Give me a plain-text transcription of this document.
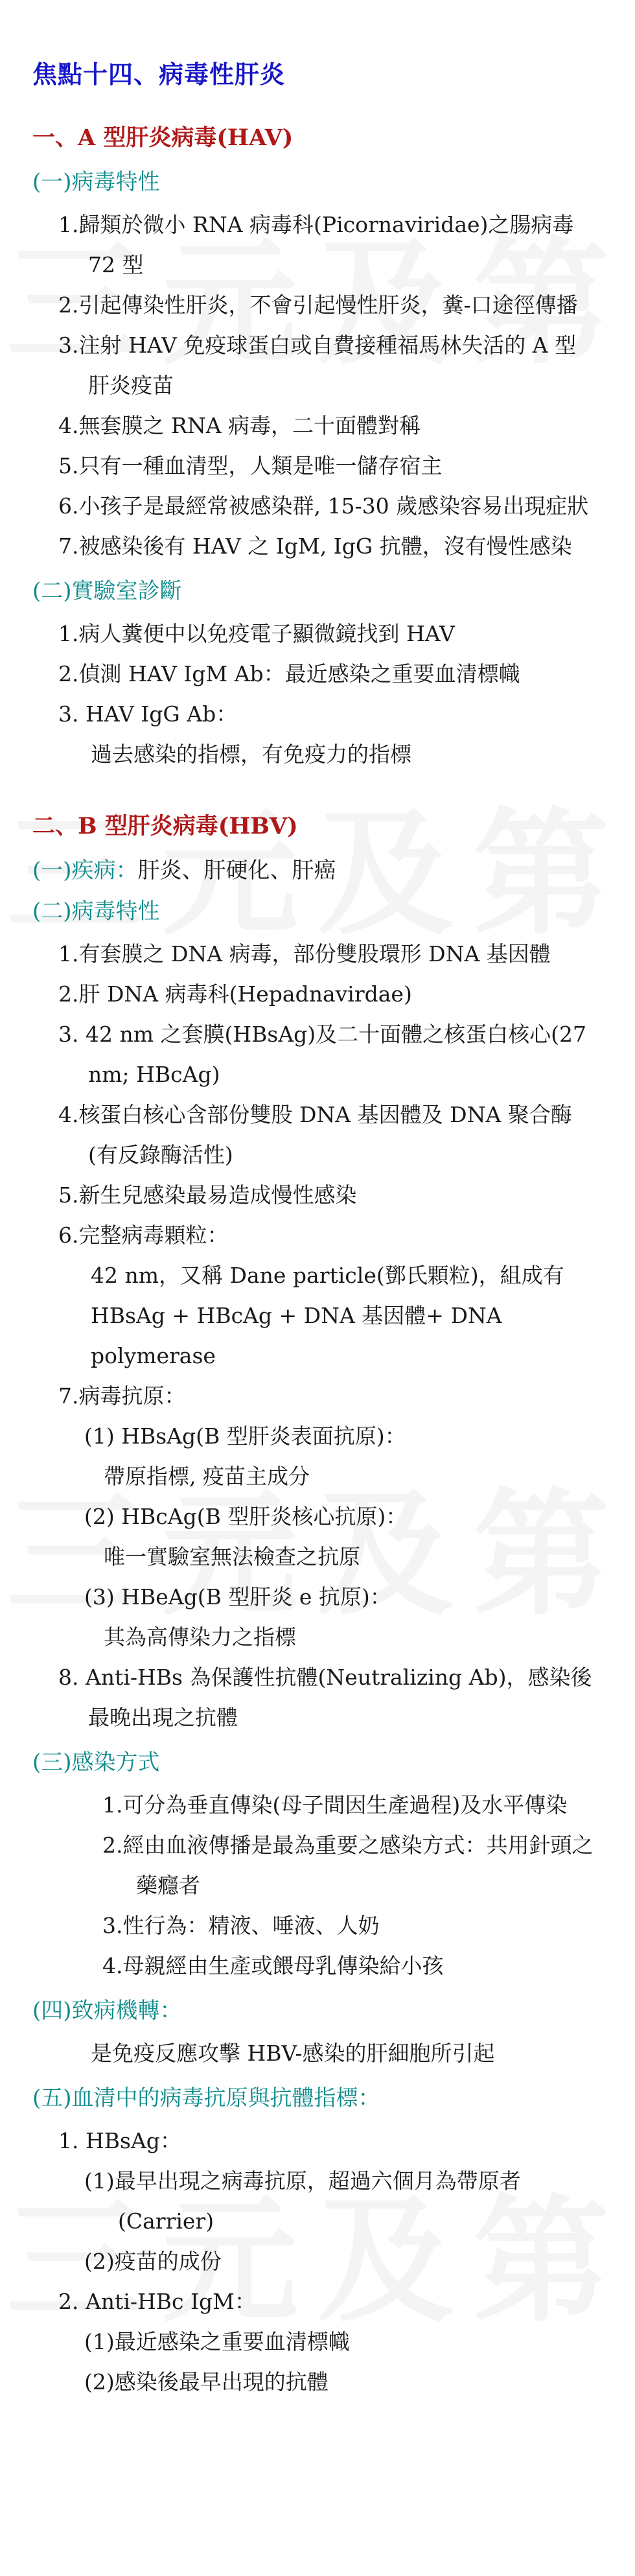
焦點十四、病毒性肝炎
一、A 型肝炎病毒(HAV)
(一)病毒特性

1.歸類於微小 RNA 病毒科(Picornaviridae)之腸病毒 72 型

2.引起傳染性肝炎，不會引起慢性肝炎，糞-口途徑傳播

3.注射 HAV 免疫球蛋白或自費接種福馬林失活的 A 型肝炎疫苗

4.無套膜之 RNA 病毒，二十面體對稱

5.只有一種血清型，人類是唯一儲存宿主

6.小孩子是最經常被感染群, 15-30 歲感染容易出現症狀

7.被感染後有 HAV 之 IgM, IgG 抗體，沒有慢性感染

(二)實驗室診斷

1.病人糞便中以免疫電子顯微鏡找到 HAV

2.偵測 HAV IgM Ab：最近感染之重要血清標幟

3. HAV IgG Ab：

過去感染的指標，有免疫力的指標

二、B 型肝炎病毒(HBV)
(一)疾病：肝炎、肝硬化、肝癌
(二)病毒特性

1.有套膜之 DNA 病毒，部份雙股環形 DNA 基因體

2.肝 DNA 病毒科(Hepadnavirdae)

3. 42 nm 之套膜(HBsAg)及二十面體之核蛋白核心(27 nm; HBcAg)

4.核蛋白核心含部份雙股 DNA 基因體及 DNA 聚合酶(有反錄酶活性)

5.新生兒感染最易造成慢性感染

6.完整病毒顆粒：

42 nm，又稱 Dane particle(鄧氏顆粒)，組成有 HBsAg + HBcAg + DNA 基因體+ DNA polymerase

7.病毒抗原：

(1) HBsAg(B 型肝炎表面抗原)：

帶原指標, 疫苗主成分

(2) HBcAg(B 型肝炎核心抗原)：

唯一實驗室無法檢查之抗原

(3) HBeAg(B 型肝炎 e 抗原)：

其為高傳染力之指標

8. Anti-HBs 為保護性抗體(Neutralizing Ab)，感染後最晚出現之抗體

(三)感染方式

1.可分為垂直傳染(母子間因生產過程)及水平傳染

2.經由血液傳播是最為重要之感染方式：共用針頭之藥癮者

3.性行為：精液、唾液、人奶

4.母親經由生產或餵母乳傳染給小孩

(四)致病機轉：

是免疫反應攻擊 HBV-感染的肝細胞所引起

(五)血清中的病毒抗原與抗體指標：

1. HBsAg：

(1)最早出現之病毒抗原，超過六個月為帶原者(Carrier)

(2)疫苗的成份

2. Anti-HBc IgM：

(1)最近感染之重要血清標幟

(2)感染後最早出現的抗體
